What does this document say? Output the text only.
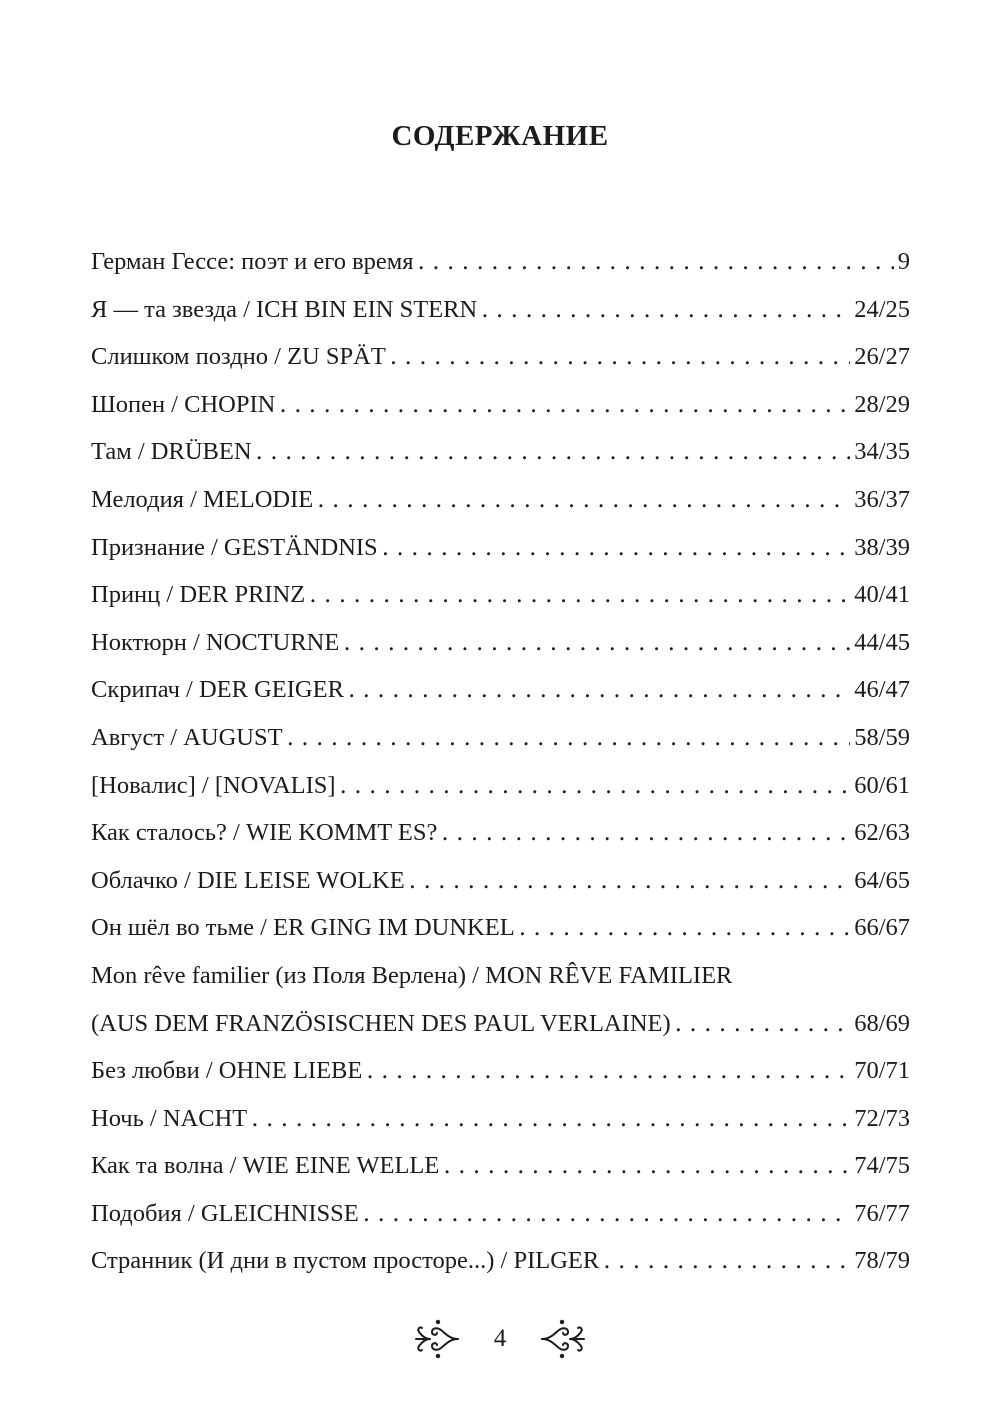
СОДЕРЖАНИЕ
Герман Гессе: поэт и его время . . .	9
Я — та звезда / ICH BIN EIN STERN . . .	24/25
Слишком поздно / ZU SPÄT . . .	26/27
Шопен / CHOPIN . . .	28/29
Там / DRÜBEN . . .	34/35
Мелодия / MELODIE . . .	36/37
Признание / GESTÄNDNIS . . .	38/39
Принц / DER PRINZ . . .	40/41
Ноктюрн / NOCTURNE . . .	44/45
Скрипач / DER GEIGER . . .	46/47
Август / AUGUST . . .	58/59
[Новалис] / [NOVALIS] . . .	60/61
Как сталось? / WIE KOMMT ES? . . .	62/63
Облачко / DIE LEISE WOLKE . . .	64/65
Он шёл во тьме / ER GING IM DUNKEL . . .	66/67
Mon rêve familier (из Поля Верлена) / MON RÊVE FAMILIER
(AUS DEM FRANZÖSISCHEN DES PAUL VERLAINE) . . .	68/69
Без любви / OHNE LIEBE . . .	70/71
Ночь / NACHT . . .	72/73
Как та волна / WIE EINE WELLE . . .	74/75
Подобия / GLEICHNISSE . . .	76/77
Странник (И дни в пустом просторе...) / PILGER . . .	78/79
4
